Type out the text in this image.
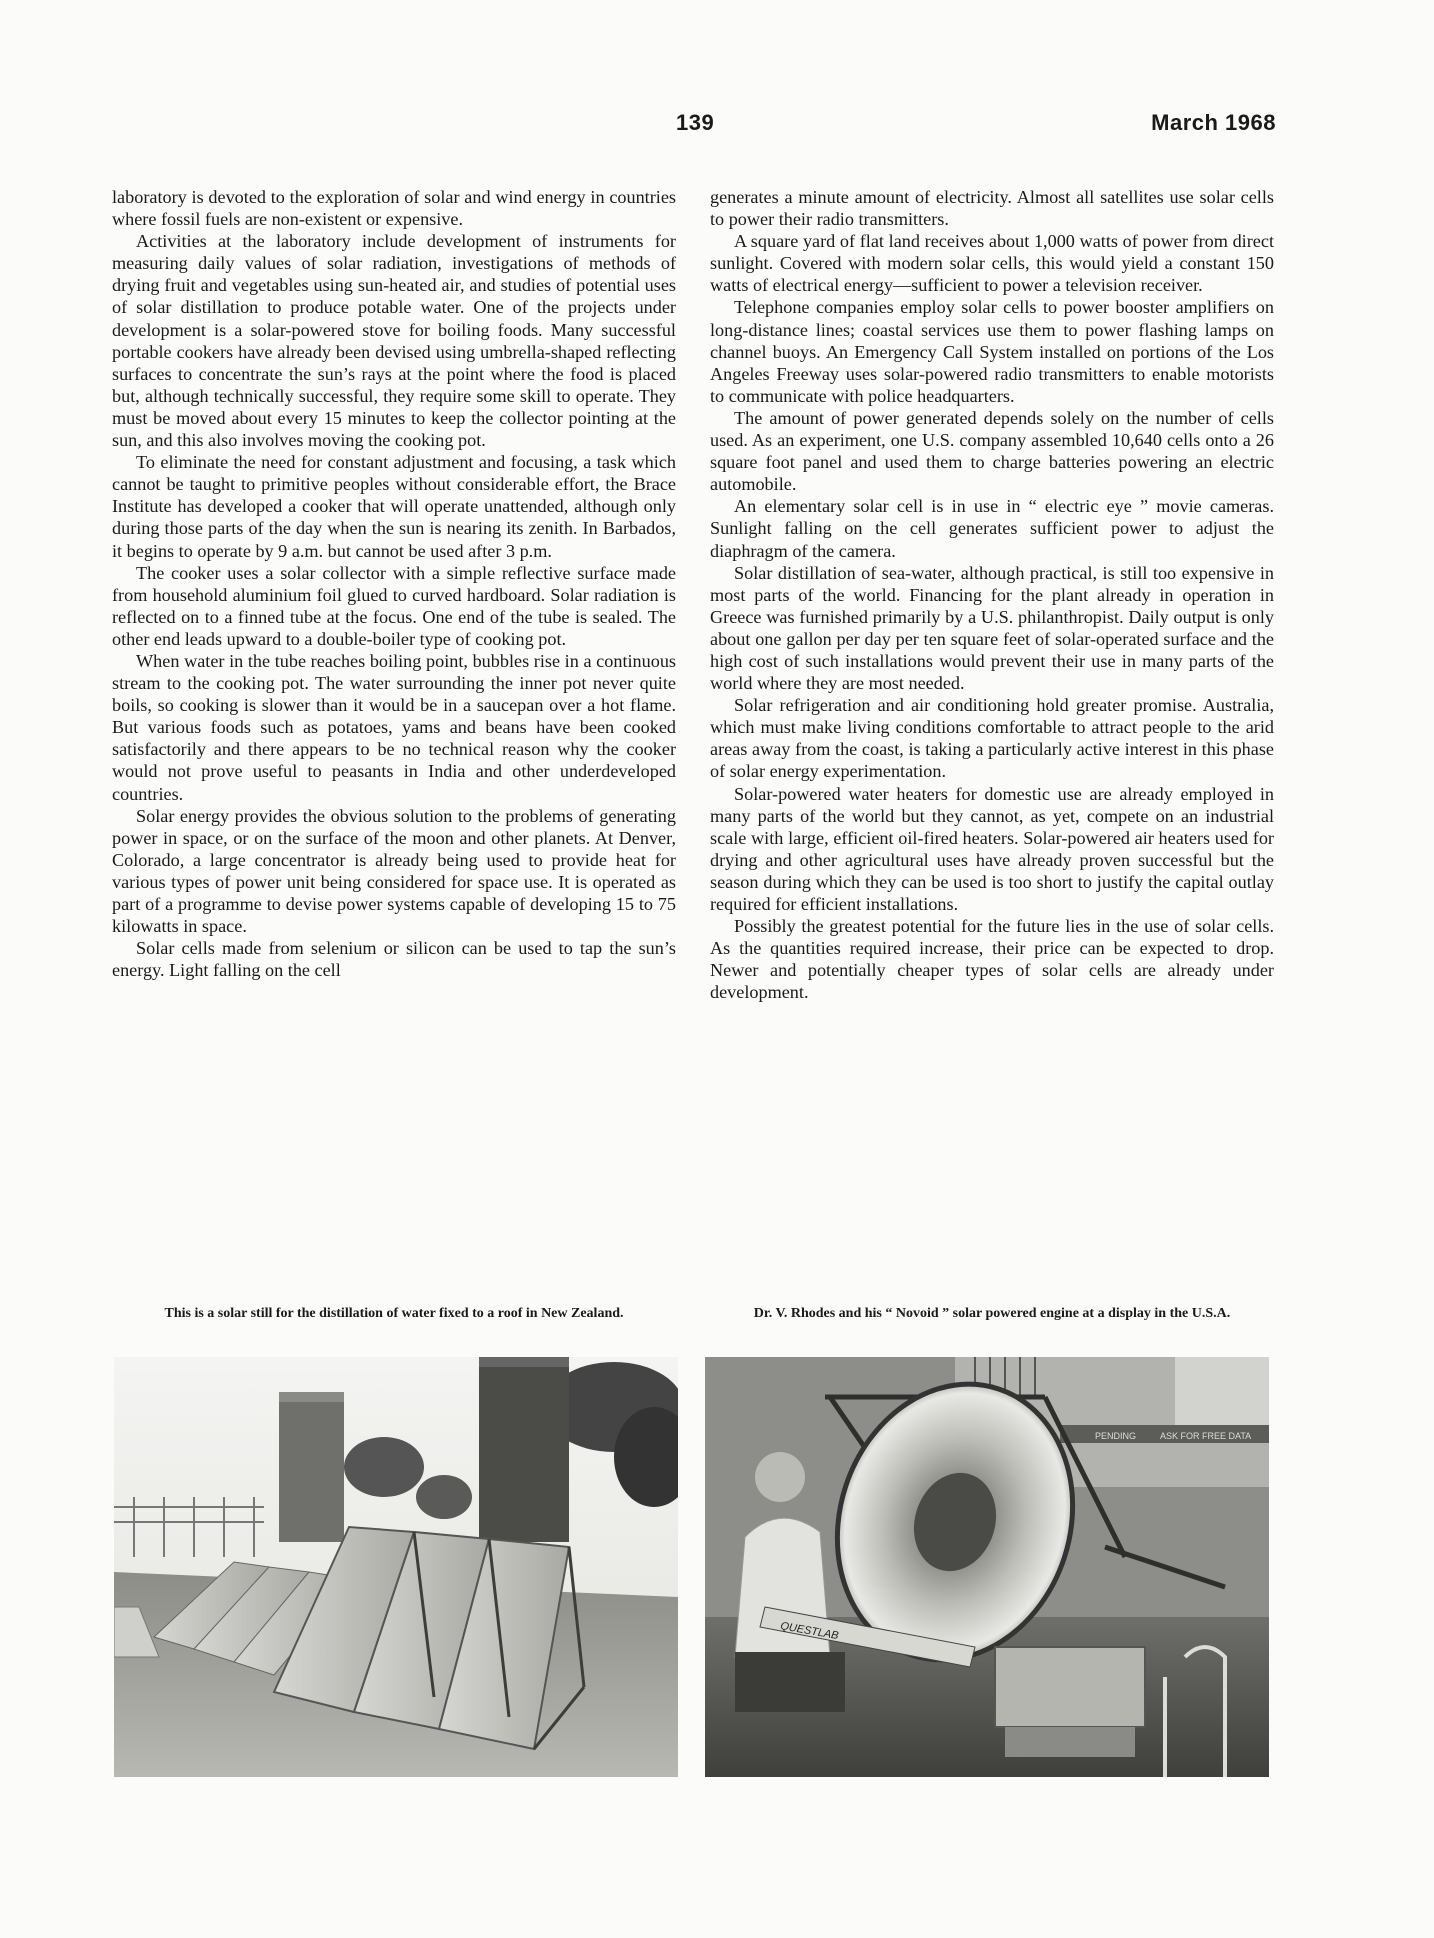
139	March 1968

laboratory is devoted to the exploration of solar and wind energy in countries where fossil fuels are non-existent or expensive.

Activities at the laboratory include development of instruments for measuring daily values of solar radiation, investigations of methods of drying fruit and vegetables using sun-heated air, and studies of potential uses of solar distillation to produce potable water. One of the projects under development is a solar-powered stove for boiling foods. Many successful portable cookers have already been devised using umbrella-shaped reflecting surfaces to concentrate the sun’s rays at the point where the food is placed but, although technically successful, they require some skill to operate. They must be moved about every 15 minutes to keep the collector pointing at the sun, and this also involves moving the cooking pot.

To eliminate the need for constant adjustment and focusing, a task which cannot be taught to primitive peoples without considerable effort, the Brace Institute has developed a cooker that will operate unattended, although only during those parts of the day when the sun is nearing its zenith. In Barbados, it begins to operate by 9 a.m. but cannot be used after 3 p.m.

The cooker uses a solar collector with a simple reflective surface made from household aluminium foil glued to curved hardboard. Solar radiation is reflected on to a finned tube at the focus. One end of the tube is sealed. The other end leads upward to a double-boiler type of cooking pot.

When water in the tube reaches boiling point, bubbles rise in a continuous stream to the cooking pot. The water surrounding the inner pot never quite boils, so cooking is slower than it would be in a saucepan over a hot flame. But various foods such as potatoes, yams and beans have been cooked satisfactorily and there appears to be no technical reason why the cooker would not prove useful to peasants in India and other underdeveloped countries.

Solar energy provides the obvious solution to the problems of generating power in space, or on the surface of the moon and other planets. At Denver, Colorado, a large concentrator is already being used to provide heat for various types of power unit being considered for space use. It is operated as part of a programme to devise power systems capable of developing 15 to 75 kilowatts in space.

Solar cells made from selenium or silicon can be used to tap the sun’s energy. Light falling on the cell

generates a minute amount of electricity. Almost all satellites use solar cells to power their radio transmitters.

A square yard of flat land receives about 1,000 watts of power from direct sunlight. Covered with modern solar cells, this would yield a constant 150 watts of electrical energy—sufficient to power a television receiver.

Telephone companies employ solar cells to power booster amplifiers on long-distance lines; coastal services use them to power flashing lamps on channel buoys. An Emergency Call System installed on portions of the Los Angeles Freeway uses solar-powered radio transmitters to enable motorists to communicate with police headquarters.

The amount of power generated depends solely on the number of cells used. As an experiment, one U.S. company assembled 10,640 cells onto a 26 square foot panel and used them to charge batteries powering an electric automobile.

An elementary solar cell is in use in “ electric eye ” movie cameras. Sunlight falling on the cell generates sufficient power to adjust the diaphragm of the camera.

Solar distillation of sea-water, although practical, is still too expensive in most parts of the world. Financing for the plant already in operation in Greece was furnished primarily by a U.S. philanthropist. Daily output is only about one gallon per day per ten square feet of solar-operated surface and the high cost of such installations would prevent their use in many parts of the world where they are most needed.

Solar refrigeration and air conditioning hold greater promise. Australia, which must make living conditions comfortable to attract people to the arid areas away from the coast, is taking a particularly active interest in this phase of solar energy experimentation.

Solar-powered water heaters for domestic use are already employed in many parts of the world but they cannot, as yet, compete on an industrial scale with large, efficient oil-fired heaters. Solar-powered air heaters used for drying and other agricultural uses have already proven successful but the season during which they can be used is too short to justify the capital outlay required for efficient installations.

Possibly the greatest potential for the future lies in the use of solar cells. As the quantities required increase, their price can be expected to drop. Newer and potentially cheaper types of solar cells are already under development.

This is a solar still for the distillation of water fixed to a roof in New Zealand.	Dr. V. Rhodes and his “ Novoid ” solar powered engine at a display in the U.S.A.
PENDING	ASK FOR FREE DATA
QUESTLAB
